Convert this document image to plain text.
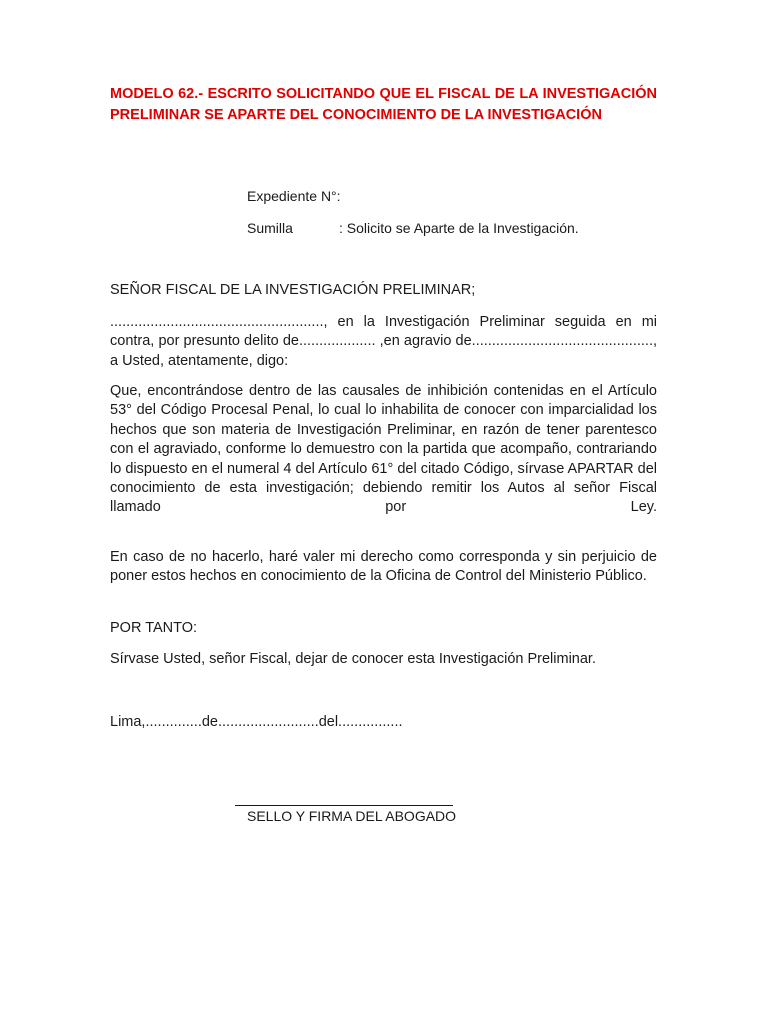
MODELO 62.- ESCRITO SOLICITANDO QUE EL FISCAL DE LA INVESTIGACIÓN PRELIMINAR SE APARTE DEL CONOCIMIENTO DE LA INVESTIGACIÓN
Expediente N°:
Sumilla	: Solicito se Aparte de la Investigación.
SEÑOR FISCAL DE LA INVESTIGACIÓN PRELIMINAR;

....................................................., en la Investigación Preliminar seguida en mi contra, por presunto delito de................... ,en agravio de............................................., a Usted, atentamente, digo:

Que, encontrándose dentro de las causales de inhibición contenidas en el Artículo 53° del Código Procesal Penal, lo cual lo inhabilita de conocer con imparcialidad los hechos que son materia de Investigación Preliminar, en razón de tener parentesco con el agraviado, conforme lo demuestro con la partida que acompaño, contrariando lo dispuesto en el numeral 4 del Artículo 61° del citado Código, sírvase APARTAR del conocimiento de esta investigación; debiendo remitir los Autos al señor Fiscal llamado por Ley.

En caso de no hacerlo, haré valer mi derecho como corresponda y sin perjuicio de poner estos hechos en conocimiento de la Oficina de Control del Ministerio Público.

POR TANTO:
Sírvase Usted, señor Fiscal, dejar de conocer esta Investigación Preliminar.
Lima,..............de.........................del................
SELLO Y FIRMA DEL ABOGADO
